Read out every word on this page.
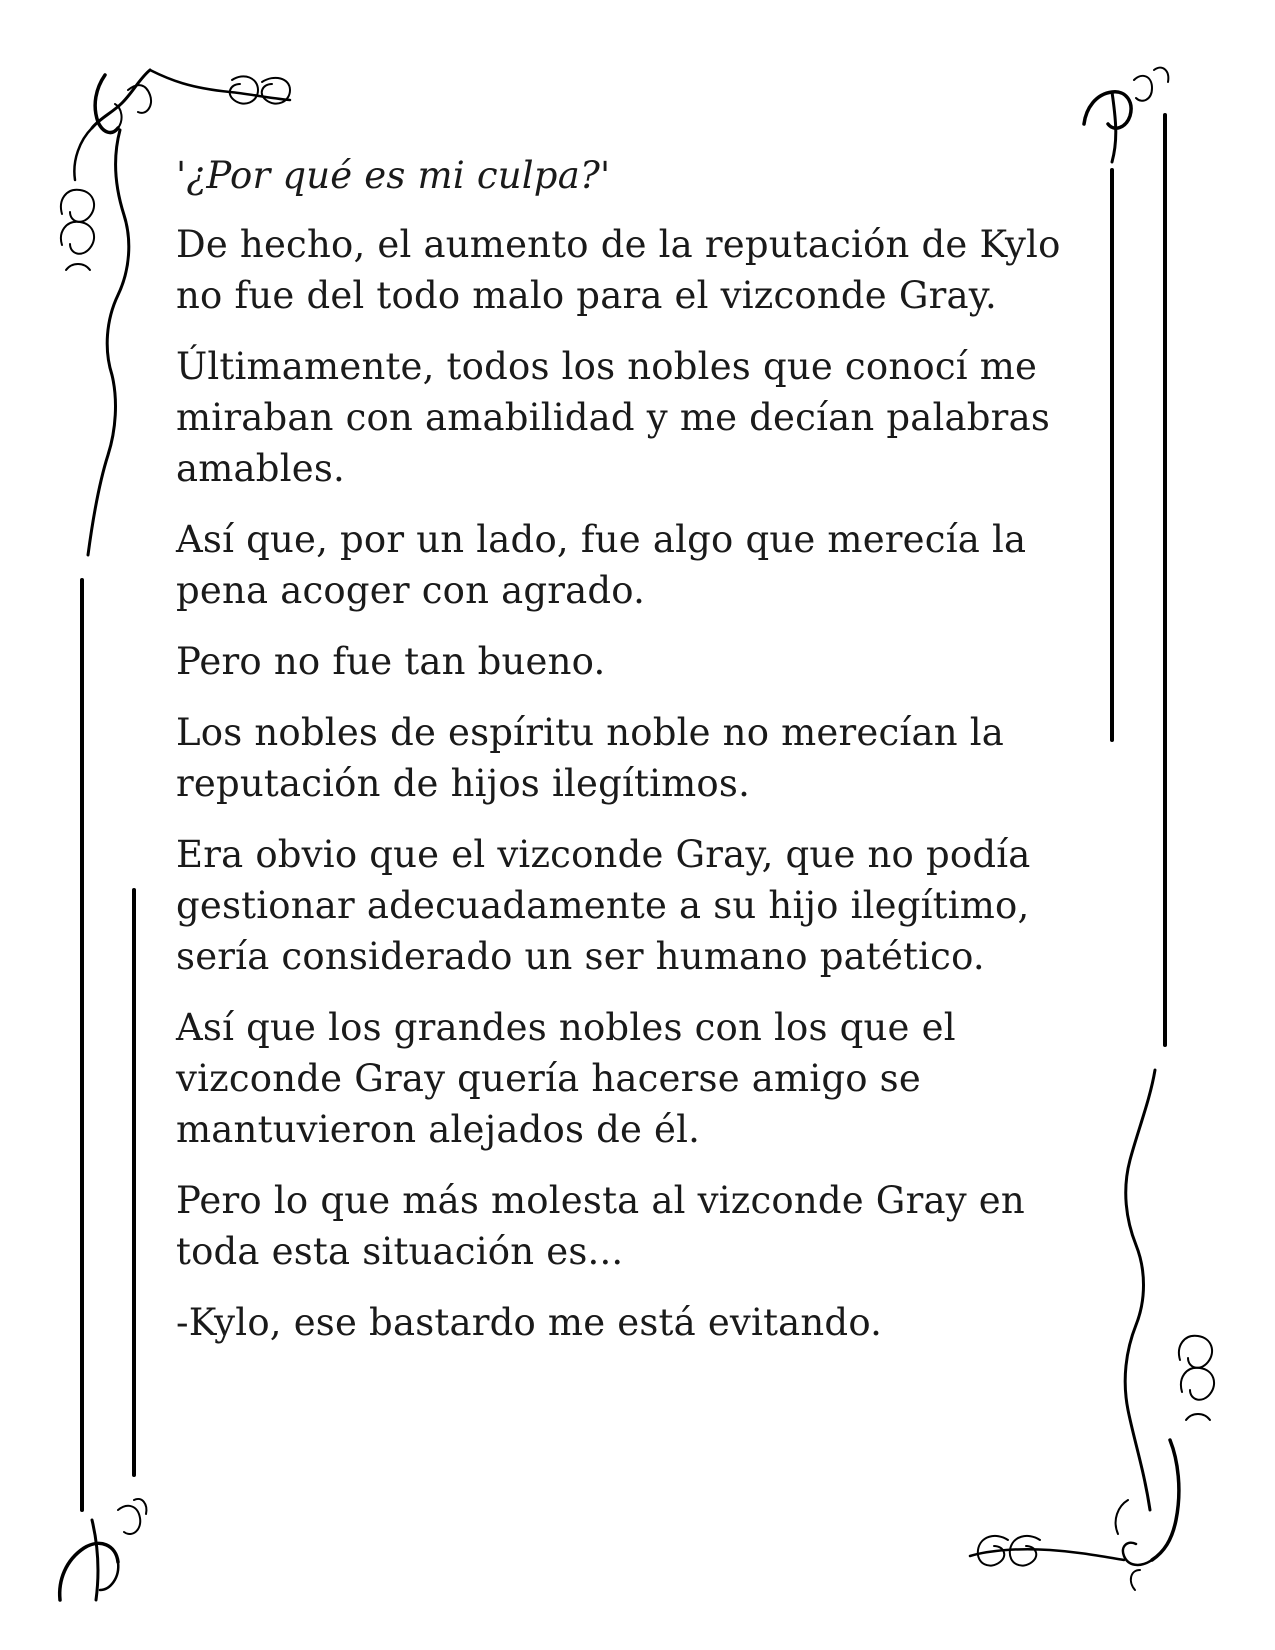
'¿Por qué es mi culpa?'

De hecho, el aumento de la reputación de Kylo no fue del todo malo para el vizconde Gray.

Últimamente, todos los nobles que conocí me miraban con amabilidad y me decían palabras amables.

Así que, por un lado, fue algo que merecía la pena acoger con agrado.

Pero no fue tan bueno.

Los nobles de espíritu noble no merecían la reputación de hijos ilegítimos.

Era obvio que el vizconde Gray, que no podía gestionar adecuadamente a su hijo ilegítimo, sería considerado un ser humano patético.

Así que los grandes nobles con los que el vizconde Gray quería hacerse amigo se mantuvieron alejados de él.

Pero lo que más molesta al vizconde Gray en toda esta situación es...

-Kylo, ese bastardo me está evitando.
